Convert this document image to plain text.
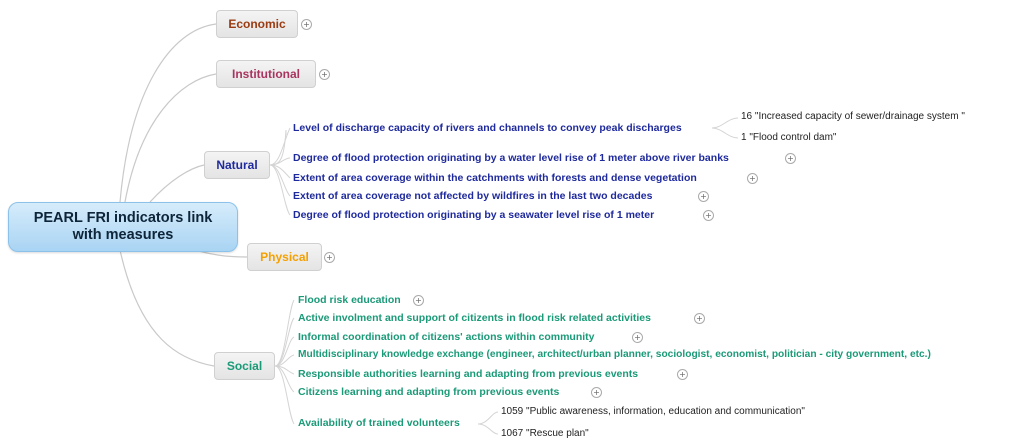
PEARL FRI indicators link
with measures
Economic +
Institutional	+
Natural
Physical +
Social
Level of discharge capacity of rivers and channels to convey peak discharges
16 "Increased capacity of sewer/drainage system "
1 "Flood control dam"
Degree of flood protection originating by a water level rise of 1 meter above river banks	+
Extent of area coverage within the catchments with forests and dense vegetation	+
Extent of area coverage not affected by wildfires in the last two decades	+
Degree of flood protection originating by a seawater level rise of 1 meter	+
Flood risk education +
Active involment and support of citizents in flood risk related activities	+
Informal coordination of citizens' actions within community	+
Multidisciplinary knowledge exchange (engineer, architect/urban planner, sociologist, economist, politician - city government, etc.)
Responsible authorities learning and adapting from previous events	+
Citizens learning and adapting from previous events	+
Availability of trained volunteers
1059 "Public awareness, information, education and communication"
1067 "Rescue plan"
